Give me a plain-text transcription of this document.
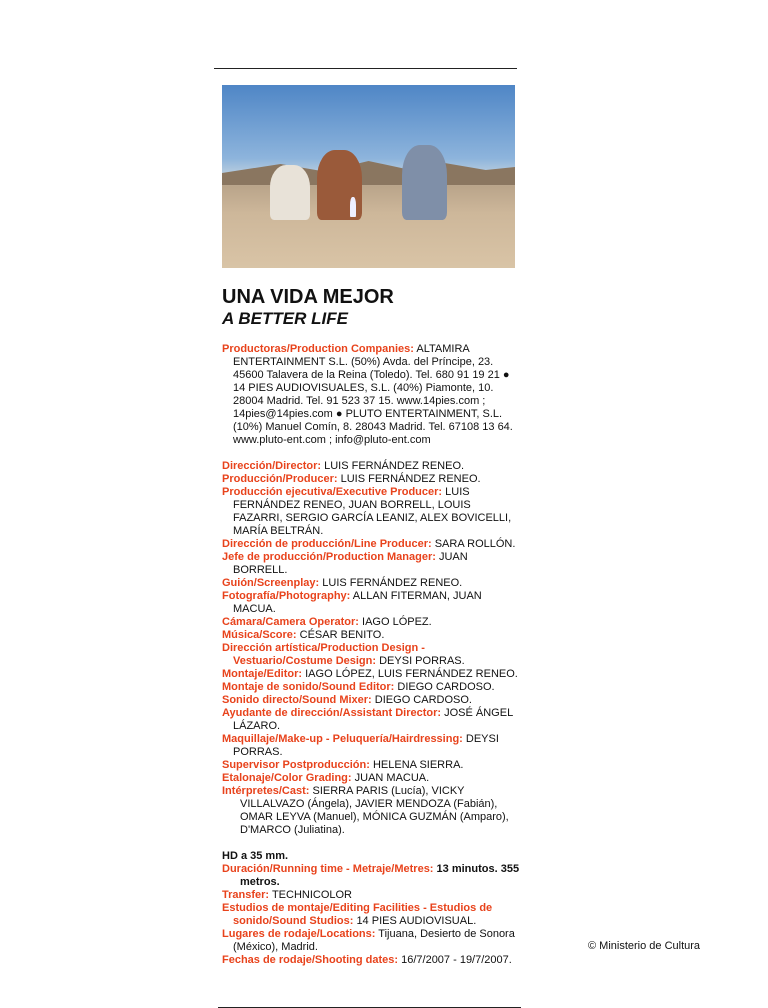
UNA VIDA MEJOR
A BETTER LIFE

Productoras/Production Companies: ALTAMIRA ENTERTAINMENT S.L. (50%) Avda. del Príncipe, 23. 45600 Talavera de la Reina (Toledo). Tel. 680 91 19 21 ● 14 PIES AUDIOVISUALES, S.L. (40%) Piamonte, 10. 28004 Madrid. Tel. 91 523 37 15. www.14pies.com ; 14pies@14pies.com ● PLUTO ENTERTAINMENT, S.L. (10%) Manuel Comín, 8. 28043 Madrid. Tel. 67108 13 64. www.pluto-ent.com ; info@pluto-ent.com

Dirección/Director: LUIS FERNÁNDEZ RENEO.

Producción/Producer: LUIS FERNÁNDEZ RENEO.

Producción ejecutiva/Executive Producer: LUIS FERNÁNDEZ RENEO, JUAN BORRELL, LOUIS FAZARRI, SERGIO GARCÍA LEANIZ, ALEX BOVICELLI, MARÍA BELTRÁN.

Dirección de producción/Line Producer: SARA ROLLÓN.

Jefe de producción/Production Manager: JUAN BORRELL.

Guión/Screenplay: LUIS FERNÁNDEZ RENEO.

Fotografía/Photography: ALLAN FITERMAN, JUAN MACUA.

Cámara/Camera Operator: IAGO LÓPEZ.

Música/Score: CÉSAR BENITO.

Dirección artística/Production Design - Vestuario/Costume Design: DEYSI PORRAS.

Montaje/Editor: IAGO LÓPEZ, LUIS FERNÁNDEZ RENEO.

Montaje de sonido/Sound Editor: DIEGO CARDOSO.

Sonido directo/Sound Mixer: DIEGO CARDOSO.

Ayudante de dirección/Assistant Director: JOSÉ ÁNGEL LÁZARO.

Maquillaje/Make-up - Peluquería/Hairdressing: DEYSI PORRAS.

Supervisor Postproducción: HELENA SIERRA.

Etalonaje/Color Grading: JUAN MACUA.

Intérpretes/Cast: SIERRA PARIS (Lucía), VICKY VILLALVAZO (Ángela), JAVIER MENDOZA (Fabián), OMAR LEYVA (Manuel), MÓNICA GUZMÁN (Amparo), D'MARCO (Juliatina).

HD a 35 mm.

Duración/Running time - Metraje/Metres: 13 minutos. 355 metros.

Transfer: TECHNICOLOR

Estudios de montaje/Editing Facilities - Estudios de sonido/Sound Studios: 14 PIES AUDIOVISUAL.

Lugares de rodaje/Locations: Tijuana, Desierto de Sonora (México), Madrid.

Fechas de rodaje/Shooting dates: 16/7/2007 - 19/7/2007.

© Ministerio de Cultura
